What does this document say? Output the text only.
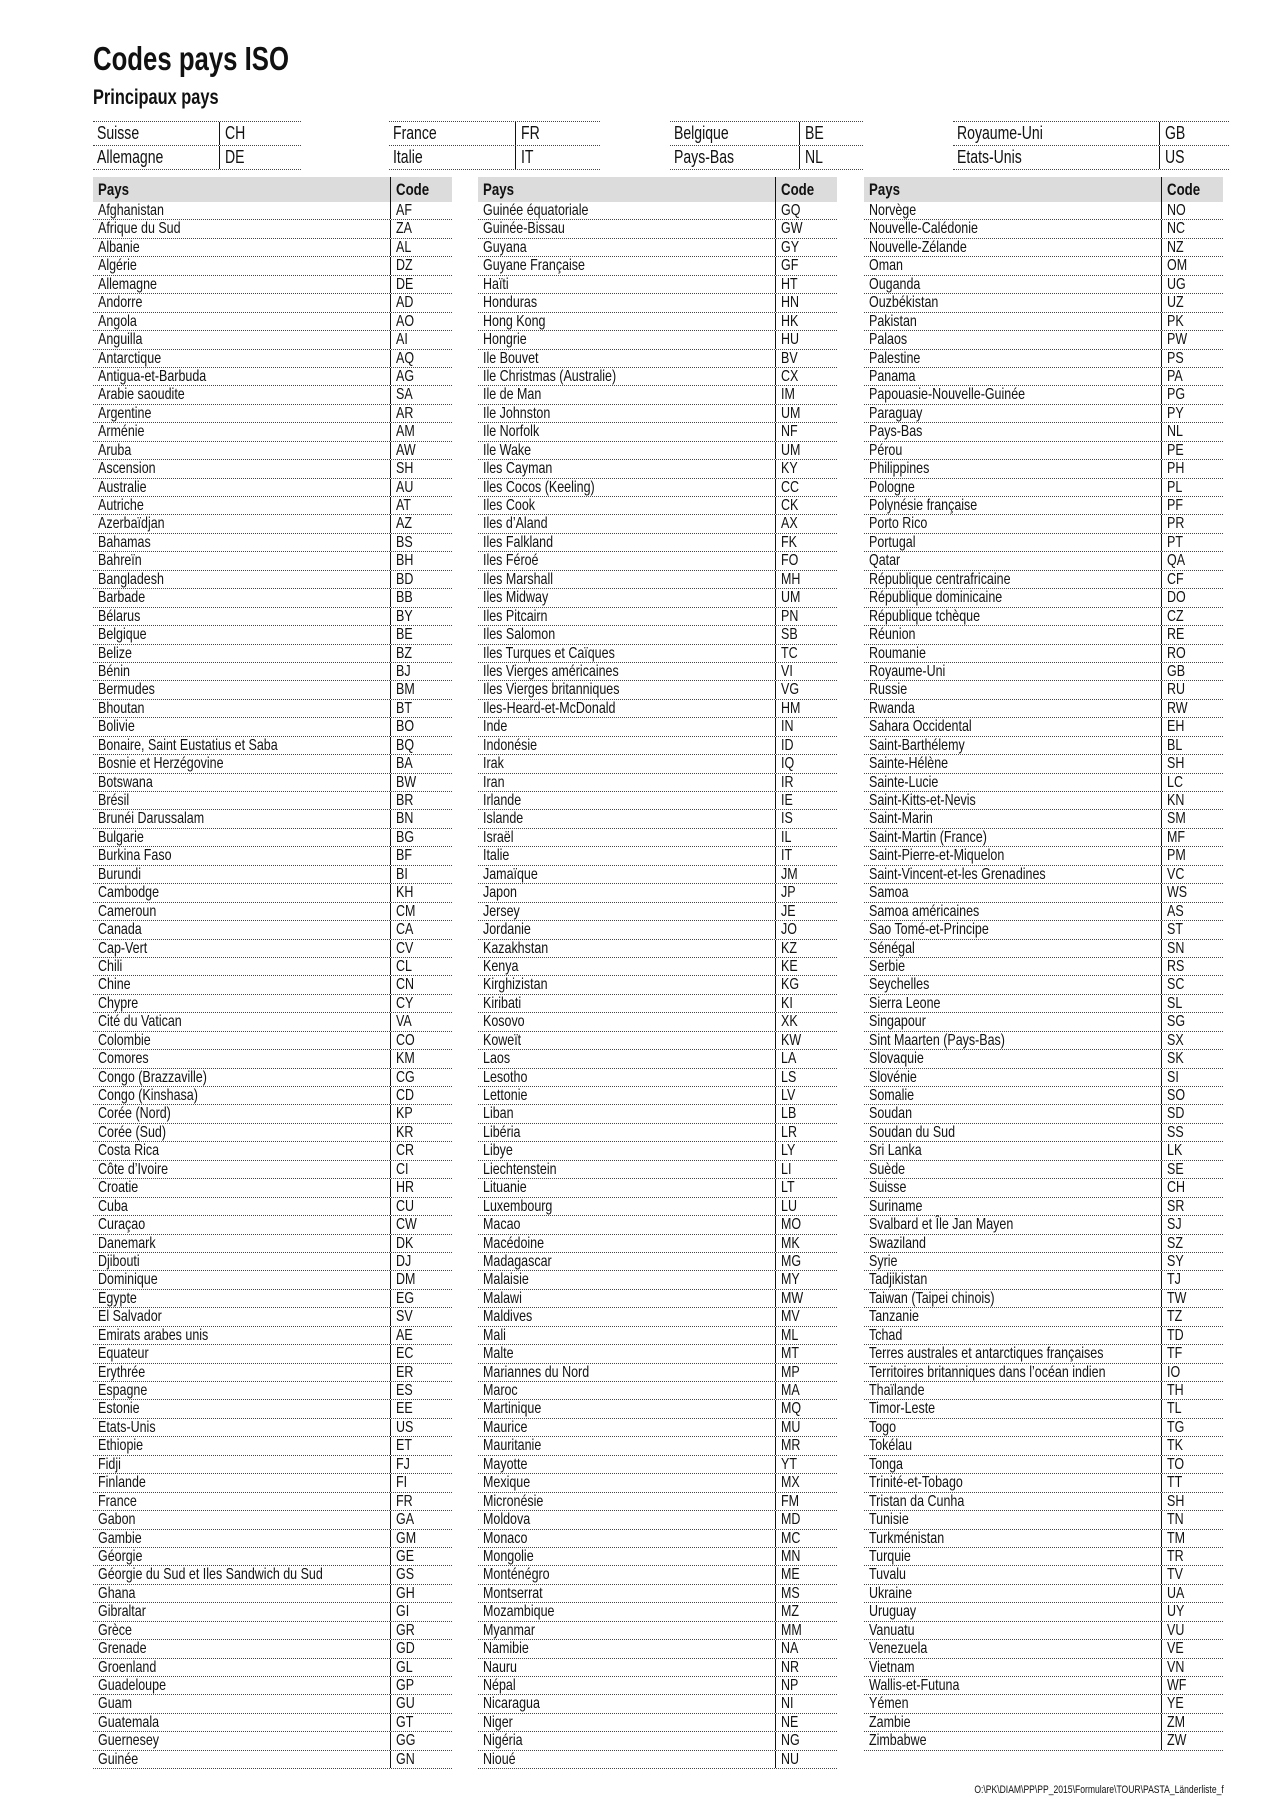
Codes pays ISO
Principaux pays
Suisse	CH
Allemagne	DE
France	FR
Italie	IT
Belgique	BE
Pays-Bas	NL
Royaume-Uni	GB
Etats-Unis	US
Pays	Code
Afghanistan	AF
Afrique du Sud	ZA
Albanie	AL
Algérie	DZ
Allemagne	DE
Andorre	AD
Angola	AO
Anguilla	AI
Antarctique	AQ
Antigua-et-Barbuda	AG
Arabie saoudite	SA
Argentine	AR
Arménie	AM
Aruba	AW
Ascension	SH
Australie	AU
Autriche	AT
Azerbaïdjan	AZ
Bahamas	BS
Bahreïn	BH
Bangladesh	BD
Barbade	BB
Bélarus	BY
Belgique	BE
Belize	BZ
Bénin	BJ
Bermudes	BM
Bhoutan	BT
Bolivie	BO
Bonaire, Saint Eustatius et Saba	BQ
Bosnie et Herzégovine	BA
Botswana	BW
Brésil	BR
Brunéi Darussalam	BN
Bulgarie	BG
Burkina Faso	BF
Burundi	BI
Cambodge	KH
Cameroun	CM
Canada	CA
Cap-Vert	CV
Chili	CL
Chine	CN
Chypre	CY
Cité du Vatican	VA
Colombie	CO
Comores	KM
Congo (Brazzaville)	CG
Congo (Kinshasa)	CD
Corée (Nord)	KP
Corée (Sud)	KR
Costa Rica	CR
Côte d’Ivoire	CI
Croatie	HR
Cuba	CU
Curaçao	CW
Danemark	DK
Djibouti	DJ
Dominique	DM
Egypte	EG
El Salvador	SV
Emirats arabes unis	AE
Equateur	EC
Erythrée	ER
Espagne	ES
Estonie	EE
Etats-Unis	US
Ethiopie	ET
Fidji	FJ
Finlande	FI
France	FR
Gabon	GA
Gambie	GM
Géorgie	GE
Géorgie du Sud et Iles Sandwich du Sud	GS
Ghana	GH
Gibraltar	GI
Grèce	GR
Grenade	GD
Groenland	GL
Guadeloupe	GP
Guam	GU
Guatemala	GT
Guernesey	GG
Guinée	GN
Pays	Code
Guinée équatoriale	GQ
Guinée-Bissau	GW
Guyana	GY
Guyane Française	GF
Haïti	HT
Honduras	HN
Hong Kong	HK
Hongrie	HU
Ile Bouvet	BV
Ile Christmas (Australie)	CX
Ile de Man	IM
Ile Johnston	UM
Ile Norfolk	NF
Ile Wake	UM
Iles Cayman	KY
Iles Cocos (Keeling)	CC
Iles Cook	CK
Iles d’Aland	AX
Iles Falkland	FK
Iles Féroé	FO
Iles Marshall	MH
Iles Midway	UM
Iles Pitcairn	PN
Iles Salomon	SB
Iles Turques et Caïques	TC
Iles Vierges américaines	VI
Iles Vierges britanniques	VG
Iles-Heard-et-McDonald	HM
Inde	IN
Indonésie	ID
Irak	IQ
Iran	IR
Irlande	IE
Islande	IS
Israël	IL
Italie	IT
Jamaïque	JM
Japon	JP
Jersey	JE
Jordanie	JO
Kazakhstan	KZ
Kenya	KE
Kirghizistan	KG
Kiribati	KI
Kosovo	XK
Koweït	KW
Laos	LA
Lesotho	LS
Lettonie	LV
Liban	LB
Libéria	LR
Libye	LY
Liechtenstein	LI
Lituanie	LT
Luxembourg	LU
Macao	MO
Macédoine	MK
Madagascar	MG
Malaisie	MY
Malawi	MW
Maldives	MV
Mali	ML
Malte	MT
Mariannes du Nord	MP
Maroc	MA
Martinique	MQ
Maurice	MU
Mauritanie	MR
Mayotte	YT
Mexique	MX
Micronésie	FM
Moldova	MD
Monaco	MC
Mongolie	MN
Monténégro	ME
Montserrat	MS
Mozambique	MZ
Myanmar	MM
Namibie	NA
Nauru	NR
Népal	NP
Nicaragua	NI
Niger	NE
Nigéria	NG
Nioué	NU
Pays	Code
Norvège	NO
Nouvelle-Calédonie	NC
Nouvelle-Zélande	NZ
Oman	OM
Ouganda	UG
Ouzbékistan	UZ
Pakistan	PK
Palaos	PW
Palestine	PS
Panama	PA
Papouasie-Nouvelle-Guinée	PG
Paraguay	PY
Pays-Bas	NL
Pérou	PE
Philippines	PH
Pologne	PL
Polynésie française	PF
Porto Rico	PR
Portugal	PT
Qatar	QA
République centrafricaine	CF
République dominicaine	DO
République tchèque	CZ
Réunion	RE
Roumanie	RO
Royaume-Uni	GB
Russie	RU
Rwanda	RW
Sahara Occidental	EH
Saint-Barthélemy	BL
Sainte-Hélène	SH
Sainte-Lucie	LC
Saint-Kitts-et-Nevis	KN
Saint-Marin	SM
Saint-Martin (France)	MF
Saint-Pierre-et-Miquelon	PM
Saint-Vincent-et-les Grenadines	VC
Samoa	WS
Samoa américaines	AS
Sao Tomé-et-Principe	ST
Sénégal	SN
Serbie	RS
Seychelles	SC
Sierra Leone	SL
Singapour	SG
Sint Maarten (Pays-Bas)	SX
Slovaquie	SK
Slovénie	SI
Somalie	SO
Soudan	SD
Soudan du Sud	SS
Sri Lanka	LK
Suède	SE
Suisse	CH
Suriname	SR
Svalbard et Île Jan Mayen	SJ
Swaziland	SZ
Syrie	SY
Tadjikistan	TJ
Taiwan (Taipei chinois)	TW
Tanzanie	TZ
Tchad	TD
Terres australes et antarctiques françaises	TF
Territoires britanniques dans l’océan indien	IO
Thaïlande	TH
Timor-Leste	TL
Togo	TG
Tokélau	TK
Tonga	TO
Trinité-et-Tobago	TT
Tristan da Cunha	SH
Tunisie	TN
Turkménistan	TM
Turquie	TR
Tuvalu	TV
Ukraine	UA
Uruguay	UY
Vanuatu	VU
Venezuela	VE
Vietnam	VN
Wallis-et-Futuna	WF
Yémen	YE
Zambie	ZM
Zimbabwe	ZW
O:\PK\DIAM\PP\PP_2015\Formulare\TOUR\PASTA_Länderliste_f
